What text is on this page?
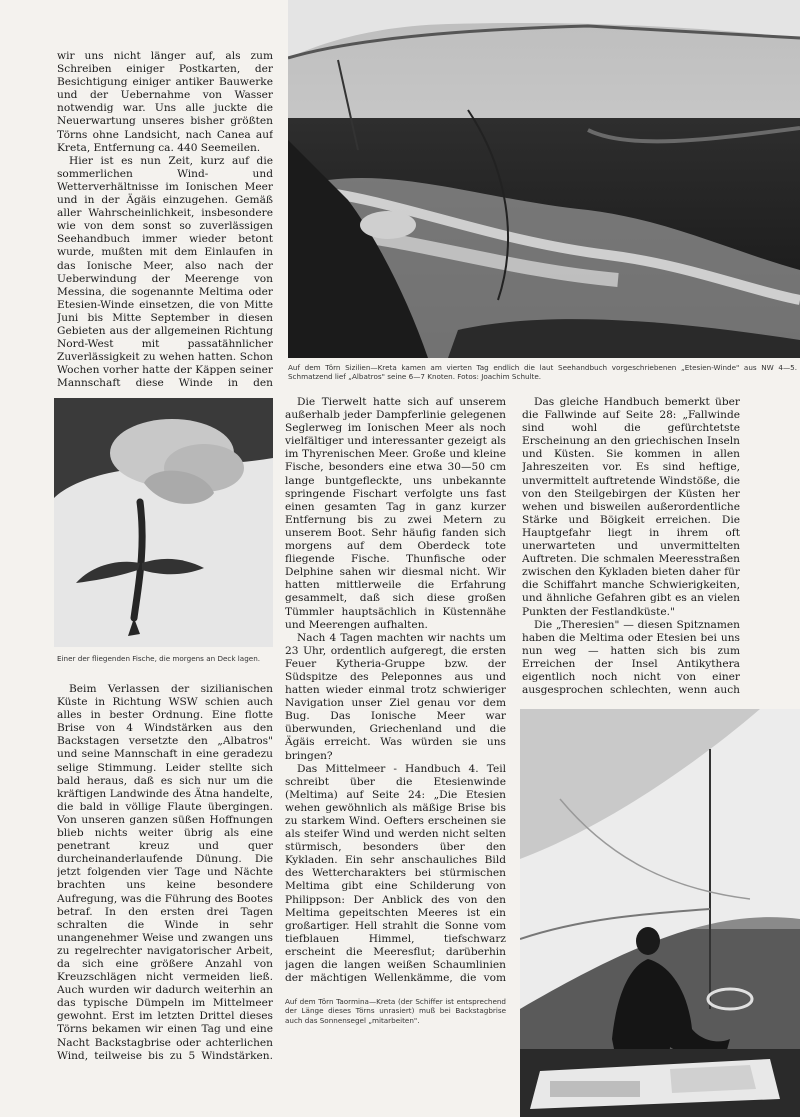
wir uns nicht länger auf, als zum Schreiben einiger Postkarten, der Besichtigung einiger antiker Bauwerke und der Uebernahme von Wasser notwendig war. Uns alle juckte die Neuerwartung unseres bisher größten Törns ohne Landsicht, nach Canea auf Kreta, Entfernung ca. 440 Seemeilen.

Hier ist es nun Zeit, kurz auf die sommerlichen Wind- und Wetterverhältnisse im Ionischen Meer und in der Ägäis einzugehen. Gemäß aller Wahrscheinlichkeit, insbesondere wie von dem sonst so zuverlässigen Seehandbuch immer wieder betont wurde, mußten mit dem Einlaufen in das Ionische Meer, also nach der Ueberwindung der Meerenge von Messina, die sogenannte Meltima oder Etesien-Winde einsetzen, die von Mitte Juni bis Mitte September in diesen Gebieten aus der allgemeinen Richtung Nord-West mit passatähnlicher Zuverlässigkeit zu wehen hatten. Schon Wochen vorher hatte der Käppen seiner Mannschaft diese Winde in den

Auf dem Törn Sizilien—Kreta kamen am vierten Tag endlich die laut Seehandbuch vorgeschriebenen „Etesien-Winde" aus NW 4—5. Schmatzend lief „Albatros" seine 6—7 Knoten. Fotos: Joachim Schulte.
Einer der fliegenden Fische, die morgens an Deck lagen.

Beim Verlassen der sizilianischen Küste in Richtung WSW schien auch alles in bester Ordnung. Eine flotte Brise von 4 Windstärken aus den Backstagen versetzte den „Albatros" und seine Mannschaft in eine geradezu selige Stimmung. Leider stellte sich bald heraus, daß es sich nur um die kräftigen Landwinde des Ätna handelte, die bald in völlige Flaute übergingen. Von unseren ganzen süßen Hoffnungen blieb nichts weiter übrig als eine penetrant kreuz und quer durcheinanderlaufende Dünung. Die jetzt folgenden vier Tage und Nächte brachten uns keine besondere Aufregung, was die Führung des Bootes betraf. In den ersten drei Tagen schralten die Winde in sehr unangenehmer Weise und zwangen uns zu regelrechter navigatorischer Arbeit, da sich eine größere Anzahl von Kreuzschlägen nicht vermeiden ließ. Auch wurden wir dadurch weiterhin an das typische Dümpeln im Mittelmeer gewohnt. Erst im letzten Drittel dieses Törns bekamen wir einen Tag und eine Nacht Backstagbrise oder achterlichen Wind, teilweise bis zu 5 Windstärken.

Die Tierwelt hatte sich auf unserem außerhalb jeder Dampferlinie gelegenen Seglerweg im Ionischen Meer als noch vielfältiger und interessanter gezeigt als im Thyrenischen Meer. Große und kleine Fische, besonders eine etwa 30—50 cm lange buntgefleckte, uns unbekannte springende Fischart verfolgte uns fast einen gesamten Tag in ganz kurzer Entfernung bis zu zwei Metern zu unserem Boot. Sehr häufig fanden sich morgens auf dem Oberdeck tote fliegende Fische. Thunfische oder Delphine sahen wir diesmal nicht. Wir hatten mittlerweile die Erfahrung gesammelt, daß sich diese großen Tümmler hauptsächlich in Küstennähe und Meerengen aufhalten.

Nach 4 Tagen machten wir nachts um 23 Uhr, ordentlich aufgeregt, die ersten Feuer Kytheria-Gruppe bzw. der Südspitze des Peleponnes aus und hatten wieder einmal trotz schwieriger Navigation unser Ziel genau vor dem Bug. Das Ionische Meer war überwunden, Griechenland und die Ägäis erreicht. Was würden sie uns bringen?

Das Mittelmeer - Handbuch 4. Teil schreibt über die Etesienwinde (Meltima) auf Seite 24: „Die Etesien wehen gewöhnlich als mäßige Brise bis zu starkem Wind. Oefters erscheinen sie als steifer Wind und werden nicht selten stürmisch, besonders über den Kykladen. Ein sehr anschauliches Bild des Wettercharakters bei stürmischen Meltima gibt eine Schilderung von Philippson: Der Anblick des von den Meltima gepeitschten Meeres ist ein großartiger. Hell strahlt die Sonne vom tiefblauen Himmel, tiefschwarz erscheint die Meeresflut; darüberhin jagen die langen weißen Schaumlinien der mächtigen Wellenkämme, die vom

Auf dem Törn Taormina—Kreta (der Schiffer ist entsprechend der Länge dieses Törns unrasiert) muß bei Backstagbrise auch das Sonnensegel „mitarbeiten".

Das gleiche Handbuch bemerkt über die Fallwinde auf Seite 28: „Fallwinde sind wohl die gefürchtetste Erscheinung an den griechischen Inseln und Küsten. Sie kommen in allen Jahreszeiten vor. Es sind heftige, unvermittelt auftretende Windstöße, die von den Steilgebirgen der Küsten her wehen und bisweilen außerordentliche Stärke und Böigkeit erreichen. Die Hauptgefahr liegt in ihrem oft unerwarteten und unvermittelten Auftreten. Die schmalen Meeresstraßen zwischen den Kykladen bieten daher für die Schiffahrt manche Schwierigkeiten, und ähnliche Gefahren gibt es an vielen Punkten der Festlandküste."

Die „Theresien" — diesen Spitznamen haben die Meltima oder Etesien bei uns nun weg — hatten sich bis zum Erreichen der Insel Antikythera eigentlich noch nicht von einer ausgesprochen schlechten, wenn auch
